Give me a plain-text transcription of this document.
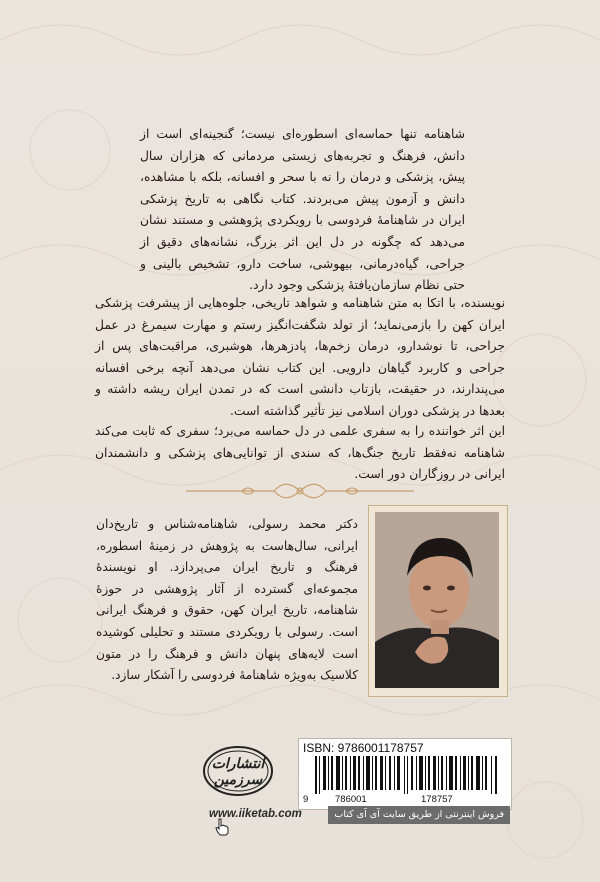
شاهنامه تنها حماسه‌ای اسطوره‌ای نیست؛ گنجینه‌ای است از دانش، فرهنگ و تجربه‌های زیستی مردمانی که هزاران سال پیش، پزشکی و درمان را نه با سحر و افسانه، بلکه با مشاهده، دانش و آزمون پیش می‌بردند. کتاب نگاهی به تاریخ پزشکی ایران در شاهنامهٔ فردوسی با رویکردی پژوهشی و مستند نشان می‌دهد که چگونه در دل این اثر بزرگ، نشانه‌های دقیق از جراحی، گیاه‌درمانی، بیهوشی، ساخت دارو، تشخیص بالینی و حتی نظام سازمان‌یافتهٔ پزشکی وجود دارد.
نویسنده، با اتکا به متن شاهنامه و شواهد تاریخی، جلوه‌هایی از پیشرفت پزشکی ایران کهن را بازمی‌نماید؛ از تولد شگفت‌انگیز رستم و مهارت سیمرغ در عمل جراحی، تا نوشدارو، درمان زخم‌ها، پادزهرها، هوشبری، مراقبت‌های پس از جراحی و کاربرد گیاهان دارویی. این کتاب نشان می‌دهد آنچه برخی افسانه می‌پندارند، در حقیقت، بازتاب دانشی است که در تمدن ایران ریشه داشته و بعدها در پزشکی دوران اسلامی نیز تأثیر گذاشته است.
این اثر خواننده را به سفری علمی در دل حماسه می‌برد؛ سفری که ثابت می‌کند شاهنامه نه‌فقط تاریخ جنگ‌ها، که سندی از توانایی‌های پزشکی و دانشمندان ایرانی در روزگاران دور است.
دکتر محمد رسولی، شاهنامه‌شناس و تاریخ‌دان ایرانی، سال‌هاست به پژوهش در زمینهٔ اسطوره، فرهنگ و تاریخ ایران می‌پردازد. او نویسندهٔ مجموعه‌ای گسترده از آثار پژوهشی در حوزهٔ شاهنامه، تاریخ ایران کهن، حقوق و فرهنگ ایرانی است. رسولی با رویکردی مستند و تحلیلی کوشیده است لایه‌های پنهان دانش و فرهنگ را در متون کلاسیک به‌ویژه شاهنامهٔ فردوسی را آشکار سازد.
انتشارات سرزمین
ISBN: 9786001178757
9	786001	178757
www.iiketab.com	فروش اینترنتی از طریق سایت آی آی کتاب
